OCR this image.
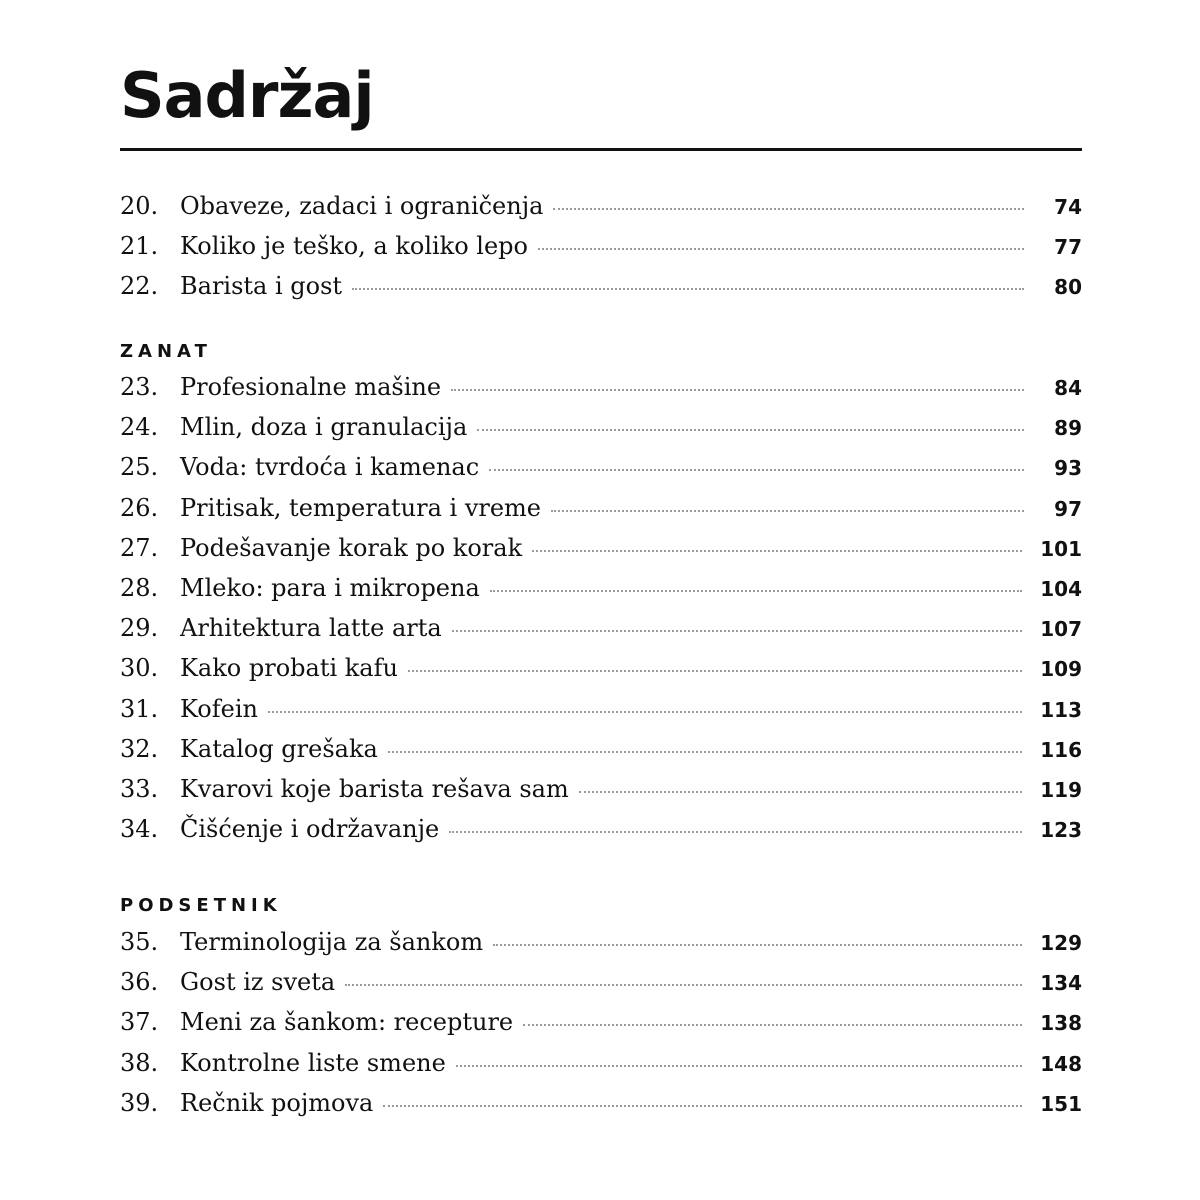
Sadržaj
20. Obaveze, zadaci i ograničenja	74
21. Koliko je teško, a koliko lepo	77
22. Barista i gost	80
ZANAT
23. Profesionalne mašine	84
24. Mlin, doza i granulacija	89
25. Voda: tvrdoća i kamenac	93
26. Pritisak, temperatura i vreme	97
27. Podešavanje korak po korak	101
28. Mleko: para i mikropena	104
29. Arhitektura latte arta	107
30. Kako probati kafu	109
31. Kofein	113
32. Katalog grešaka	116
33. Kvarovi koje barista rešava sam	119
34. Čišćenje i održavanje	123
PODSETNIK
35. Terminologija za šankom	129
36. Gost iz sveta	134
37. Meni za šankom: recepture	138
38. Kontrolne liste smene	148
39. Rečnik pojmova	151
